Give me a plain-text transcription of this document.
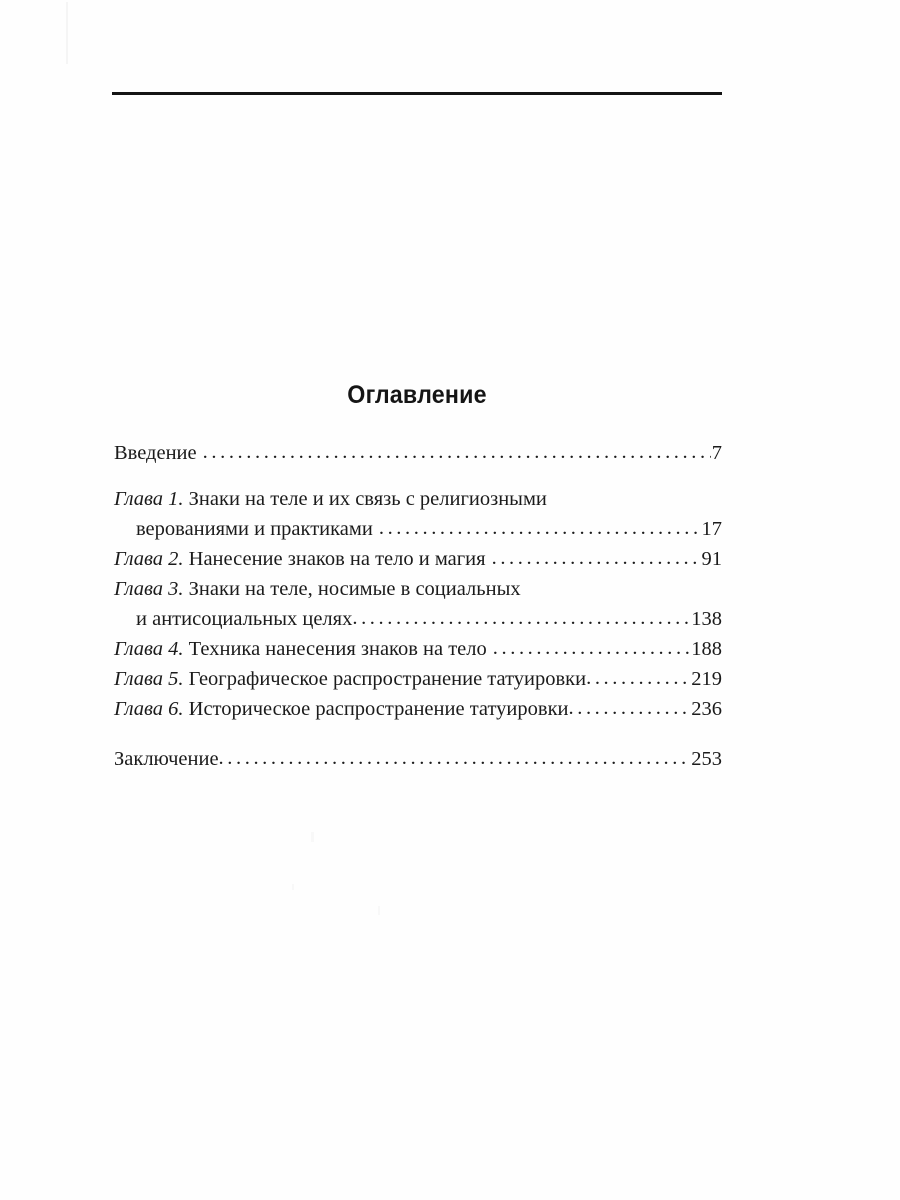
Оглавление
Введение .....	7
Глава 1. Знаки на теле и их связь с религиозными
верованиями и практиками .....	17
Глава 2. Нанесение знаков на тело и магия .....	91
Глава 3. Знаки на теле, носимые в социальных
и антисоциальных целях .....	138
Глава 4. Техника нанесения знаков на тело .....	188
Глава 5. Географическое распространение татуировки .....	219
Глава 6. Историческое распространение татуировки .....	236
Заключение .....	253
